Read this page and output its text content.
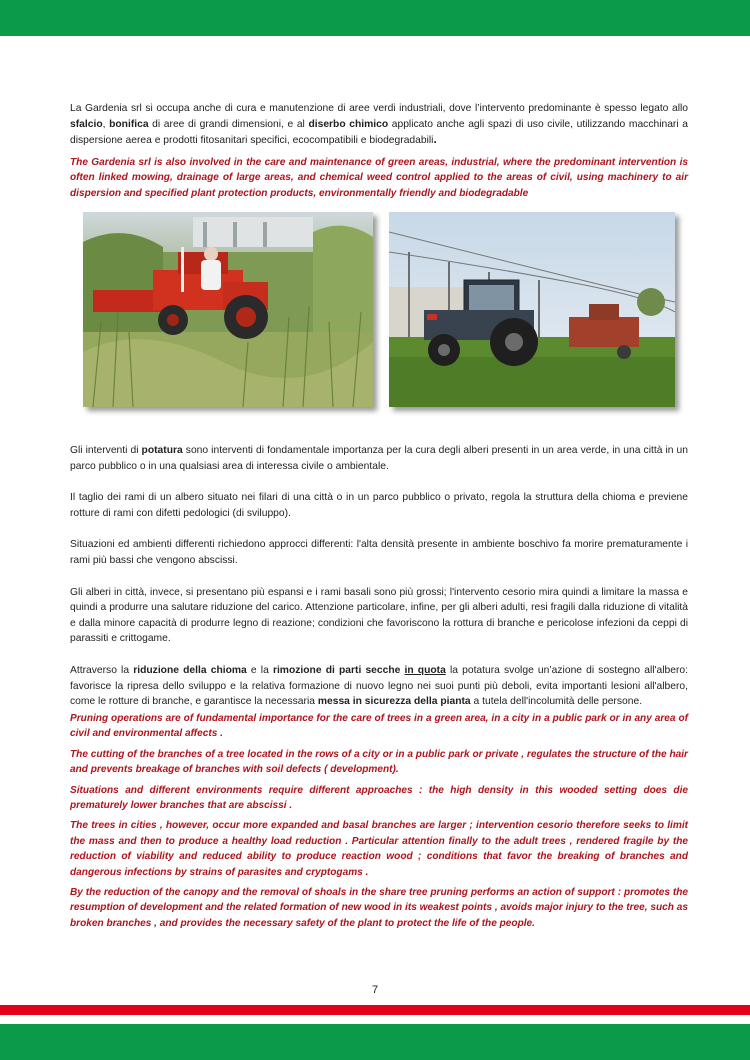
La Gardenia srl si occupa anche di cura e manutenzione di aree verdi industriali, dove l’intervento predominante è spesso legato allo sfalcio, bonifica di aree di grandi dimensioni, e al diserbo chimico applicato anche agli spazi di uso civile, utilizzando macchinari a dispersione aerea e prodotti fitosanitari specifici, ecocompatibili e biodegradabili.

The Gardenia srl is also involved in the care and maintenance of green areas, industrial, where the predominant intervention is often linked mowing, drainage of large areas, and chemical weed control applied to the areas of civil, using machinery to air dispersion and specified plant protection products, environmentally friendly and biodegradable

Gli interventi di potatura sono interventi di fondamentale importanza per la cura degli alberi presenti in un area verde, in una città in un parco pubblico o in una qualsiasi area di interessa civile o ambientale.

Il taglio dei rami di un albero situato nei filari di una città o in un parco pubblico o privato, regola la struttura della chioma e previene rotture di rami con difetti pedologici (di sviluppo).

Situazioni ed ambienti differenti richiedono approcci differenti: l'alta densità presente in ambiente boschivo fa morire prematuramente i rami più bassi che vengono abscissi.

Gli alberi in città, invece, si presentano più espansi e i rami basali sono più grossi; l'intervento cesorio mira quindi a limitare la massa e quindi a produrre una salutare riduzione del carico. Attenzione particolare, infine, per gli alberi adulti, resi fragili dalla riduzione di vitalità e dalla minore capacità di produrre legno di reazione; condizioni che favoriscono la rottura di branche e pericolose infezioni da ceppi di parassiti e crittogame.

Attraverso la riduzione della chioma e la rimozione di parti secche in quota la potatura svolge un’azione di sostegno all'albero: favorisce la ripresa dello sviluppo e la relativa formazione di nuovo legno nei suoi punti più deboli, evita importanti lesioni all'albero, come le rotture di branche, e garantisce la necessaria messa in sicurezza della pianta a tutela dell'incolumità delle persone.

Pruning operations are of fundamental importance for the care of trees in a green area, in a city in a public park or in any area of civil and environmental affects .

The cutting of the branches of a tree located in the rows of a city or in a public park or private , regulates the structure of the hair and prevents breakage of branches with soil defects ( development).

Situations and different environments require different approaches : the high density in this wooded setting does die prematurely lower branches that are abscissi .

The trees in cities , however, occur more expanded and basal branches are larger ; intervention cesorio therefore seeks to limit the mass and then to produce a healthy load reduction . Particular attention finally to the adult trees , rendered fragile by the reduction of viability and reduced ability to produce reaction wood ; conditions that favor the breaking of branches and dangerous infections by strains of parasites and cryptogams .

By the reduction of the canopy and the removal of shoals in the share tree pruning performs an action of support : promotes the resumption of development and the related formation of new wood in its weakest points , avoids major injury to the tree, such as broken branches , and provides the necessary safety of the plant to protect the life of the people.

7
